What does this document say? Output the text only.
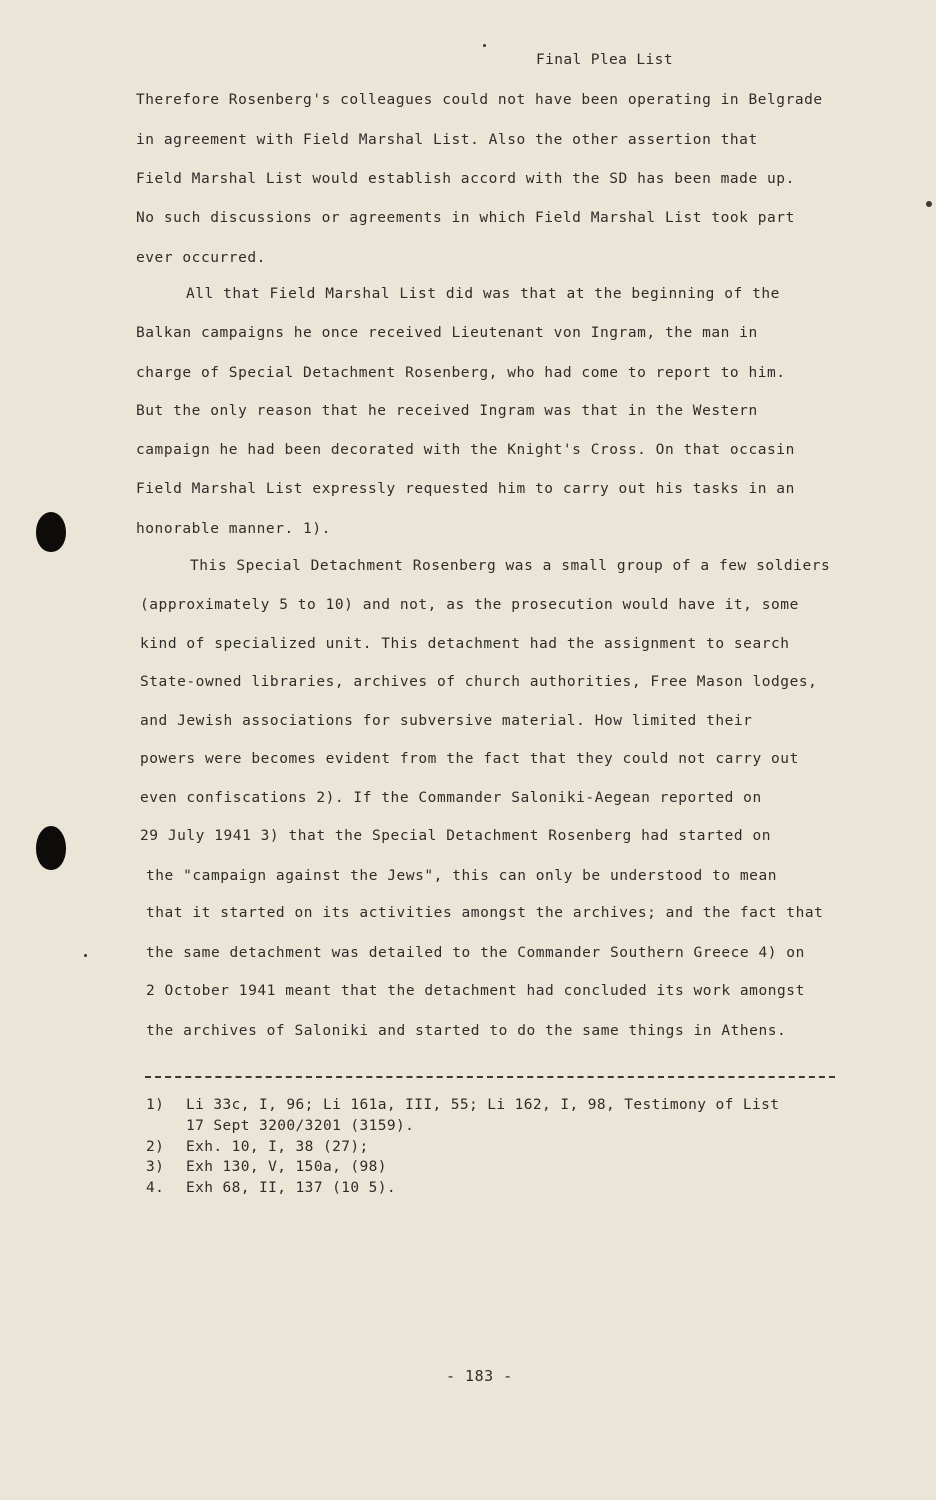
Final Plea List
Therefore Rosenberg's colleagues could not have been operating in Belgrade
in agreement with Field Marshal List. Also the other assertion that
Field Marshal List would establish accord with the SD has been made up.
No such discussions or agreements in which Field Marshal List took part
ever occurred.
All that Field Marshal List did was that at the beginning of the
Balkan campaigns he once received Lieutenant von Ingram, the man in
charge of Special Detachment Rosenberg, who had come to report to him.
But the only reason that he received Ingram was that in the Western
campaign he had been decorated with the Knight's Cross. On that occasin
Field Marshal List expressly requested him to carry out his tasks in an
honorable manner. 1).
This Special Detachment Rosenberg was a small group of a few soldiers
(approximately 5 to 10) and not, as the prosecution would have it, some
kind of specialized unit. This detachment had the assignment to search
State-owned libraries, archives of church authorities, Free Mason lodges,
and Jewish associations for subversive material. How limited their
powers were becomes evident from the fact that they could not carry out
even confiscations 2). If the Commander Saloniki-Aegean reported on
29 July 1941 3) that the Special Detachment Rosenberg had started on
the "campaign against the Jews", this can only be understood to mean
that it started on its activities amongst the archives; and the fact that
the same detachment was detailed to the Commander Southern Greece 4) on
2 October 1941 meant that the detachment had concluded its work amongst
the archives of Saloniki and started to do the same things in Athens.
1) Li 33c, I, 96; Li 161a, III, 55; Li 162, I, 98, Testimony of List
17 Sept 3200/3201 (3159).
2) Exh. 10, I, 38 (27);
3) Exh 130, V, 150a, (98)
4. Exh 68, II, 137 (10 5).
- 183 -
